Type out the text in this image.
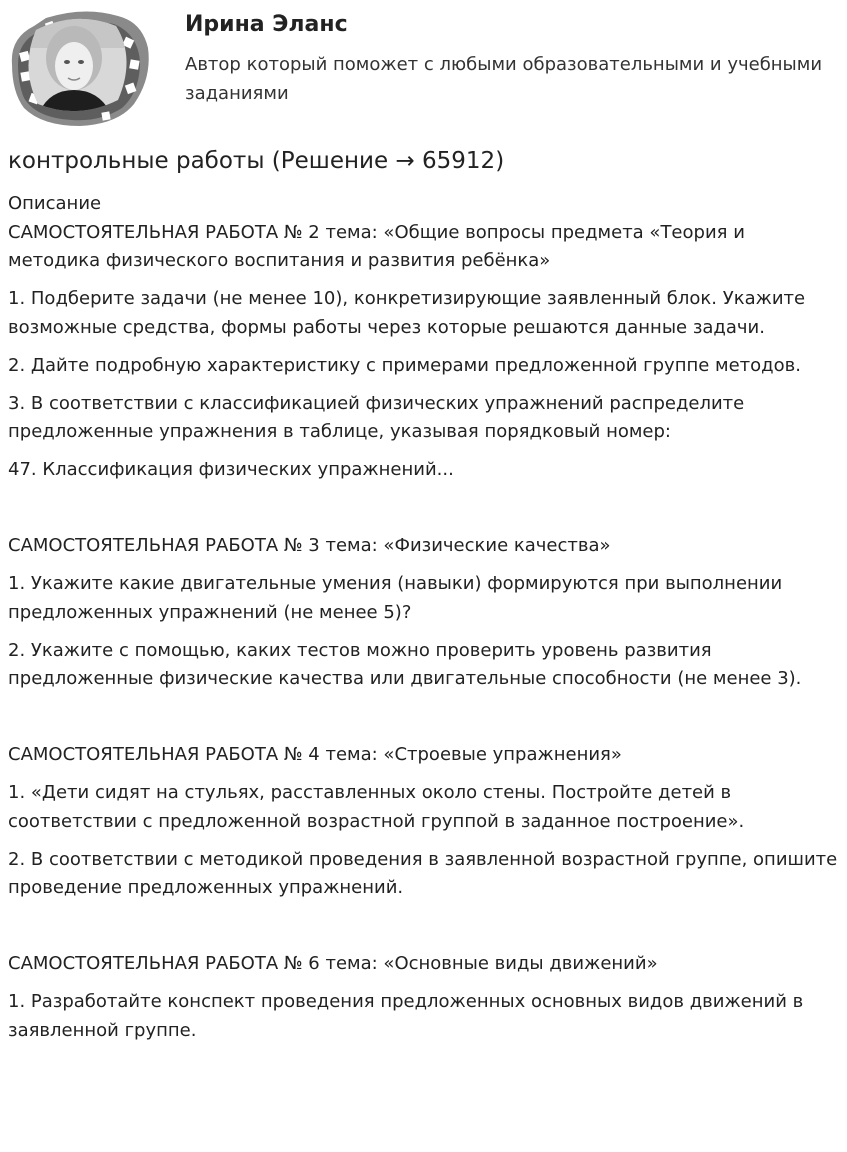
Ирина Эланс
Автор который поможет с любыми образовательными и учебными заданиями
контрольные работы (Решение → 65912)
Описание
САМОСТОЯТЕЛЬНАЯ РАБОТА № 2 тема: «Общие вопросы предмета «Теория и методика физического воспитания и развития ребёнка»
1. Подберите задачи (не менее 10), конкретизирующие заявленный блок. Укажите возможные средства, формы работы через которые решаются данные задачи.
2. Дайте подробную характеристику с примерами предложенной группе методов.
3. В соответствии с классификацией физических упражнений распределите предложенные упражнения в таблице, указывая порядковый номер:
47. Классификация физических упражнений...
САМОСТОЯТЕЛЬНАЯ РАБОТА № 3 тема: «Физические качества»
1. Укажите какие двигательные умения (навыки) формируются при выполнении предложенных упражнений (не менее 5)?
2. Укажите с помощью, каких тестов можно проверить уровень развития предложенные физические качества или двигательные способности (не менее 3).
САМОСТОЯТЕЛЬНАЯ РАБОТА № 4 тема: «Строевые упражнения»
1. «Дети сидят на стульях, расставленных около стены. Постройте детей в соответствии с предложенной возрастной группой в заданное построение».
2. В соответствии с методикой проведения в заявленной возрастной группе, опишите проведение предложенных упражнений.
САМОСТОЯТЕЛЬНАЯ РАБОТА № 6 тема: «Основные виды движений»
1. Разработайте конспект проведения предложенных основных видов движений в заявленной группе.
